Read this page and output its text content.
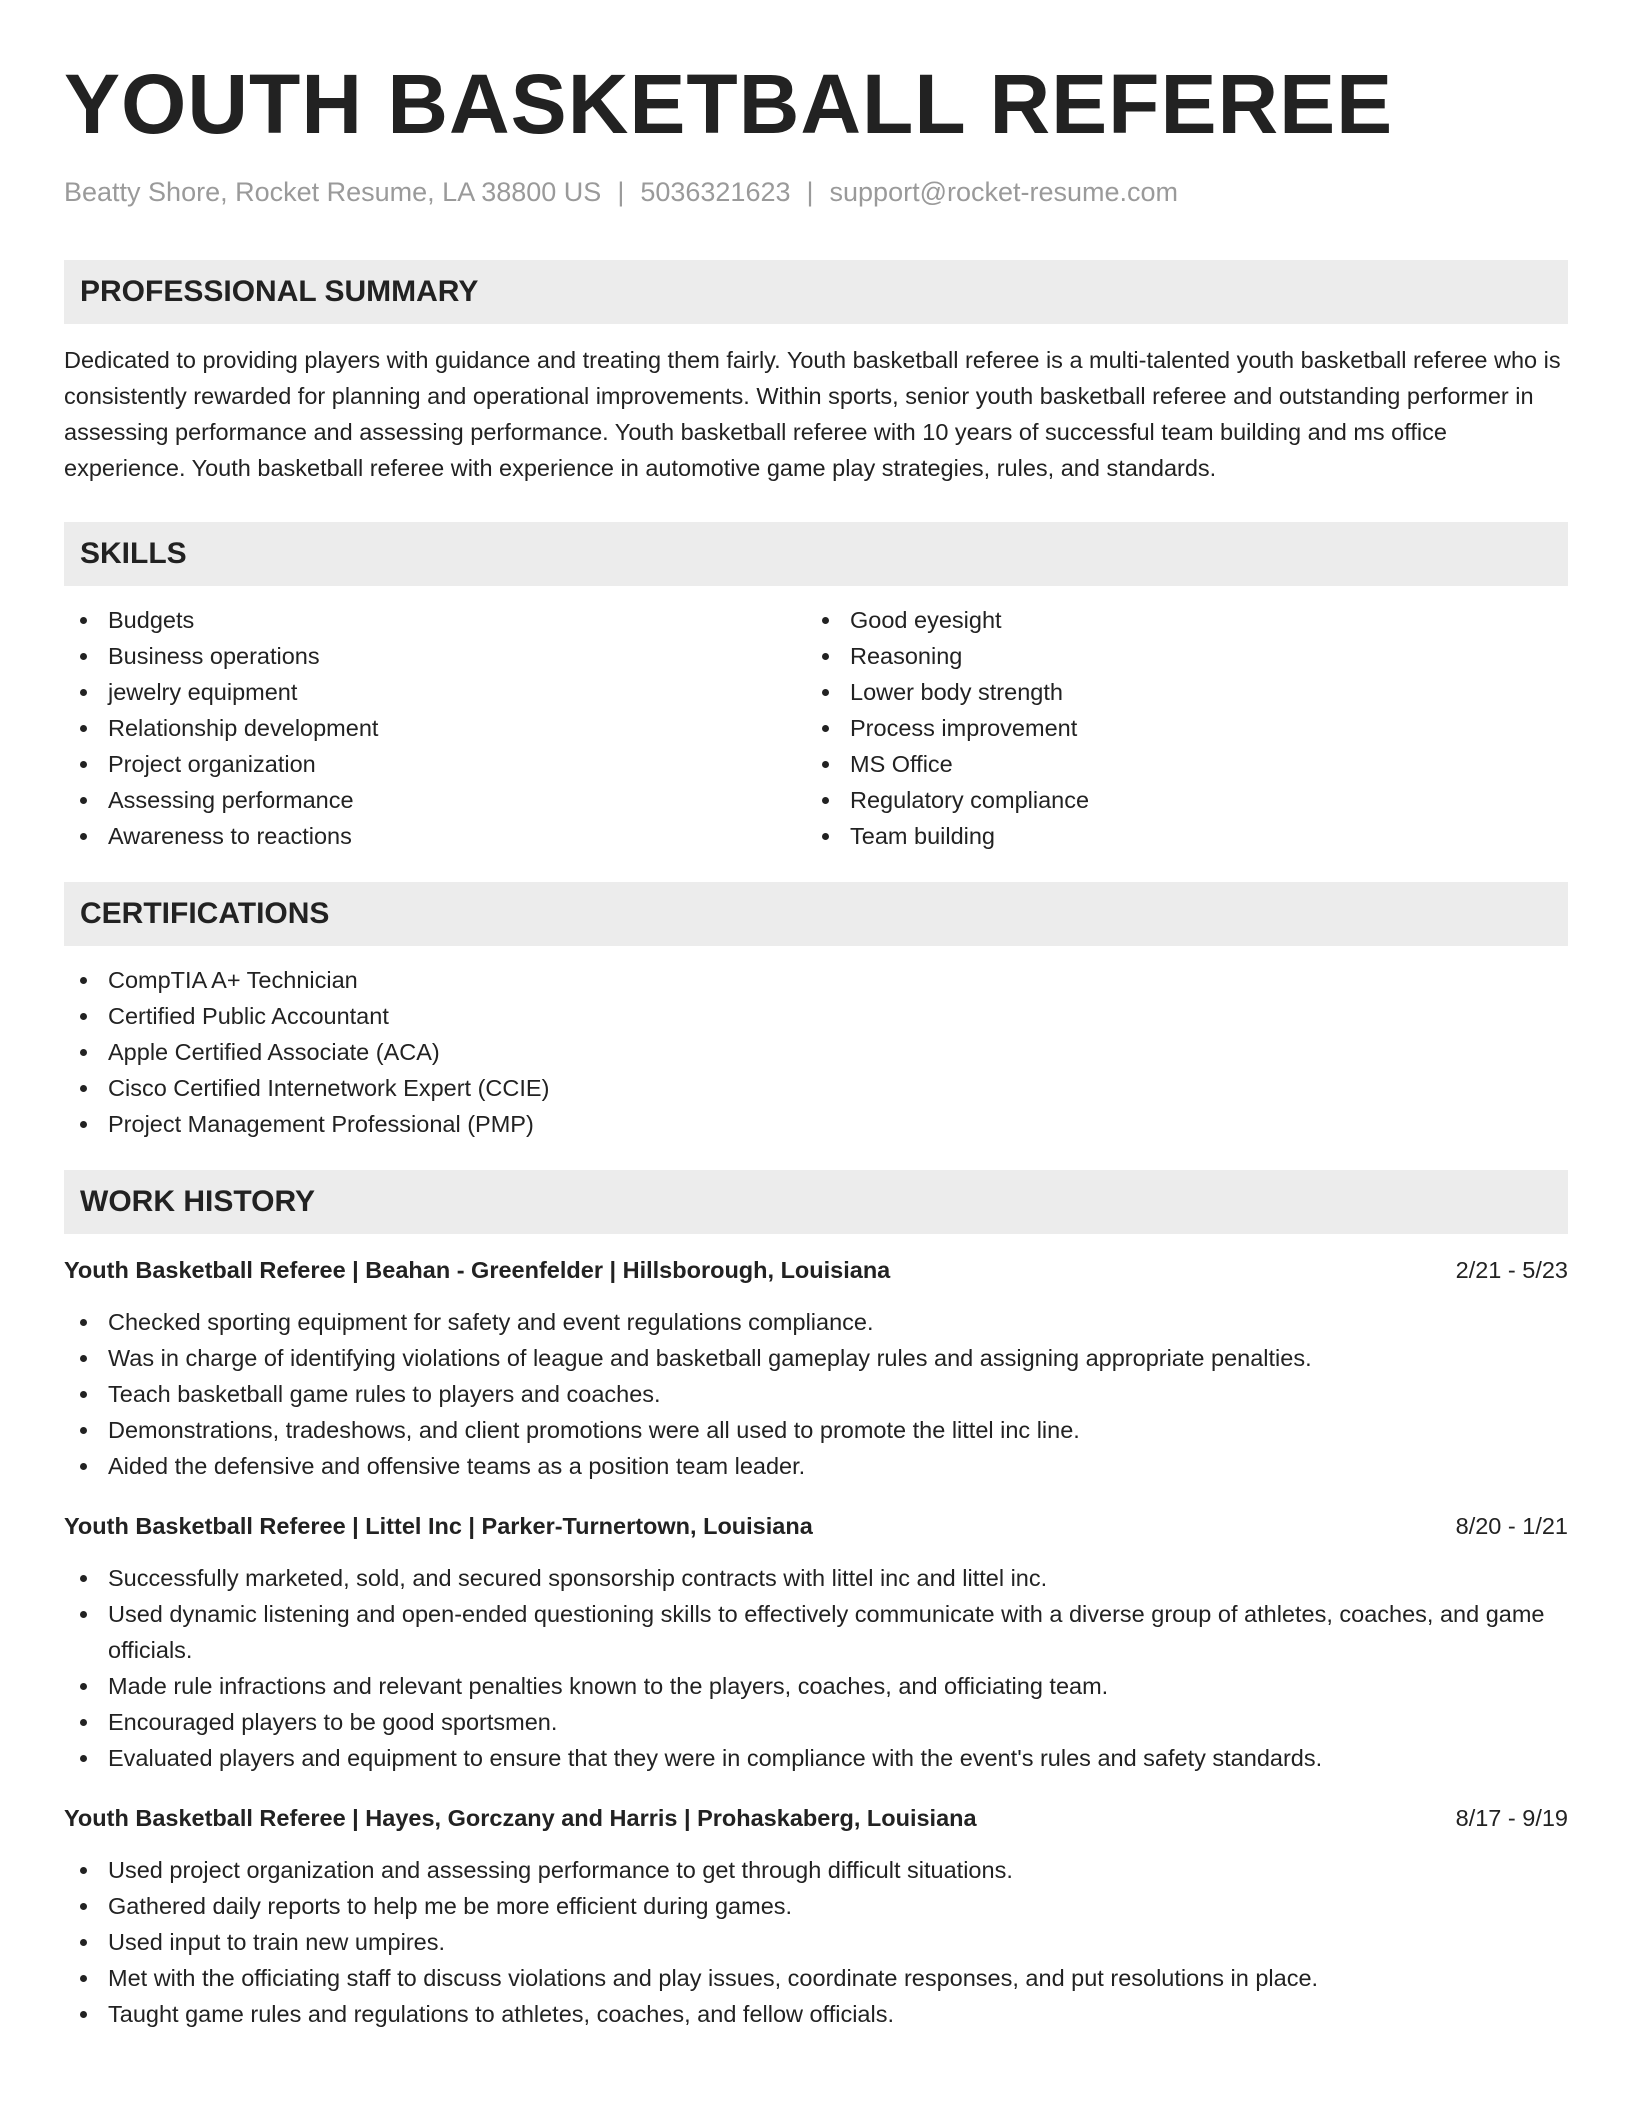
YOUTH BASKETBALL REFEREE
Beatty Shore, Rocket Resume, LA 38800 US | 5036321623 | support@rocket-resume.com
PROFESSIONAL SUMMARY

Dedicated to providing players with guidance and treating them fairly. Youth basketball referee is a multi-talented youth basketball referee who is consistently rewarded for planning and operational improvements. Within sports, senior youth basketball referee and outstanding performer in assessing performance and assessing performance. Youth basketball referee with 10 years of successful team building and ms office experience. Youth basketball referee with experience in automotive game play strategies, rules, and standards.

SKILLS
Budgets
Business operations
jewelry equipment
Relationship development
Project organization
Assessing performance
Awareness to reactions
Good eyesight
Reasoning
Lower body strength
Process improvement
MS Office
Regulatory compliance
Team building
CERTIFICATIONS
CompTIA A+ Technician
Certified Public Accountant
Apple Certified Associate (ACA)
Cisco Certified Internetwork Expert (CCIE)
Project Management Professional (PMP)
WORK HISTORY
Youth Basketball Referee | Beahan - Greenfelder | Hillsborough, Louisiana	2/21 - 5/23
Checked sporting equipment for safety and event regulations compliance.
Was in charge of identifying violations of league and basketball gameplay rules and assigning appropriate penalties.
Teach basketball game rules to players and coaches.
Demonstrations, tradeshows, and client promotions were all used to promote the littel inc line.
Aided the defensive and offensive teams as a position team leader.
Youth Basketball Referee | Littel Inc | Parker-Turnertown, Louisiana	8/20 - 1/21
Successfully marketed, sold, and secured sponsorship contracts with littel inc and littel inc.
Used dynamic listening and open-ended questioning skills to effectively communicate with a diverse group of athletes, coaches, and game officials.
Made rule infractions and relevant penalties known to the players, coaches, and officiating team.
Encouraged players to be good sportsmen.
Evaluated players and equipment to ensure that they were in compliance with the event's rules and safety standards.
Youth Basketball Referee | Hayes, Gorczany and Harris | Prohaskaberg, Louisiana	8/17 - 9/19
Used project organization and assessing performance to get through difficult situations.
Gathered daily reports to help me be more efficient during games.
Used input to train new umpires.
Met with the officiating staff to discuss violations and play issues, coordinate responses, and put resolutions in place.
Taught game rules and regulations to athletes, coaches, and fellow officials.
